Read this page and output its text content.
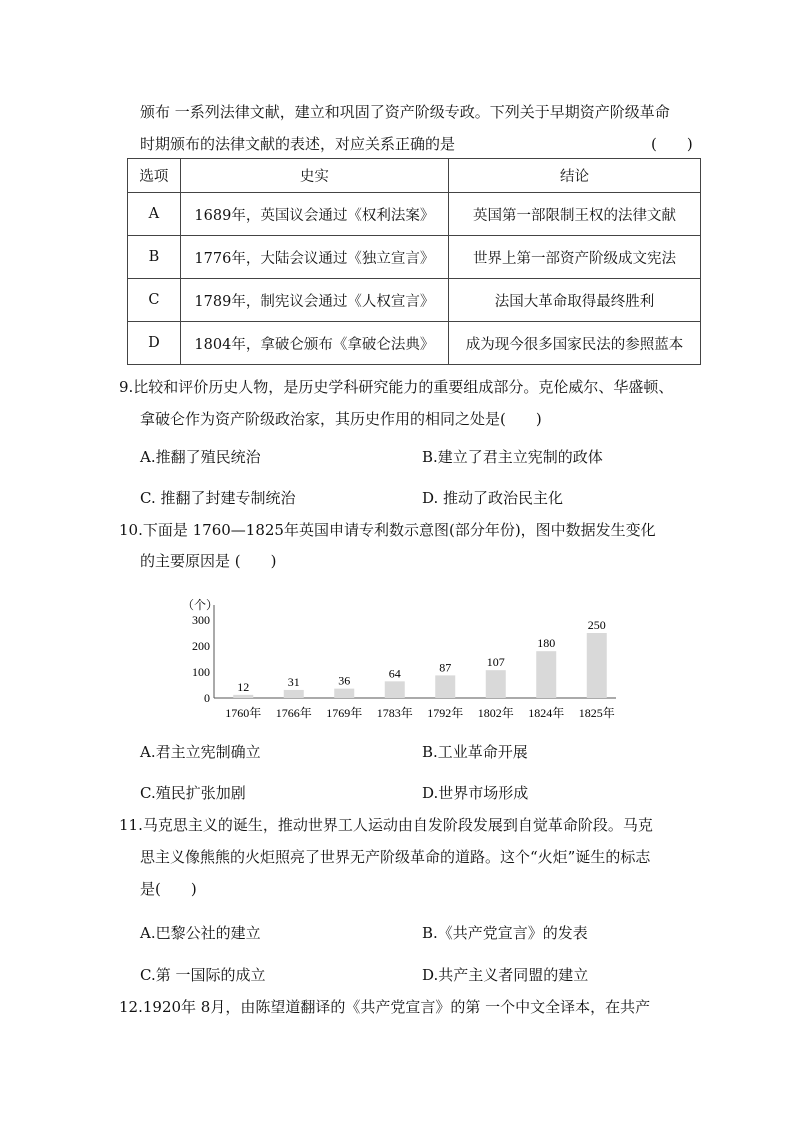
颁布 一系列法律文献，建立和巩固了资产阶级专政。下列关于早期资产阶级革命
时期颁布的法律文献的表述，对应关系正确的是	(　　)
选项	史实	结论
A	1689年，英国议会通过《权利法案》	英国第一部限制王权的法律文献
B	1776年，大陆会议通过《独立宣言》	世界上第一部资产阶级成文宪法
C	1789年，制宪议会通过《人权宣言》	法国大革命取得最终胜利
D	1804年，拿破仑颁布《拿破仑法典》	成为现今很多国家民法的参照蓝本
9.比较和评价历史人物，是历史学科研究能力的重要组成部分。克伦威尔、华盛顿、
拿破仑作为资产阶级政治家，其历史作用的相同之处是(　　)
A.推翻了殖民统治	B.建立了君主立宪制的政体
C. 推翻了封建专制统治	D. 推动了政治民主化
10.下面是 1760—1825年英国申请专利数示意图(部分年份)，图中数据发生变化
的主要原因是 (　　)
（个）
0
100
200
300
12
1760年
31
1766年
36
1769年
64
1783年
87
1792年
107
1802年
180
1824年
250
1825年
A.君主立宪制确立	B.工业革命开展
C.殖民扩张加剧	D.世界市场形成
11.马克思主义的诞生，推动世界工人运动由自发阶段发展到自觉革命阶段。马克
思主义像熊熊的火炬照亮了世界无产阶级革命的道路。这个“火炬”诞生的标志
是(　　)
A.巴黎公社的建立	B.《共产党宣言》的发表
C.第 一国际的成立	D.共产主义者同盟的建立
12.1920年 8月，由陈望道翻译的《共产党宣言》的第 一个中文全译本，在共产
